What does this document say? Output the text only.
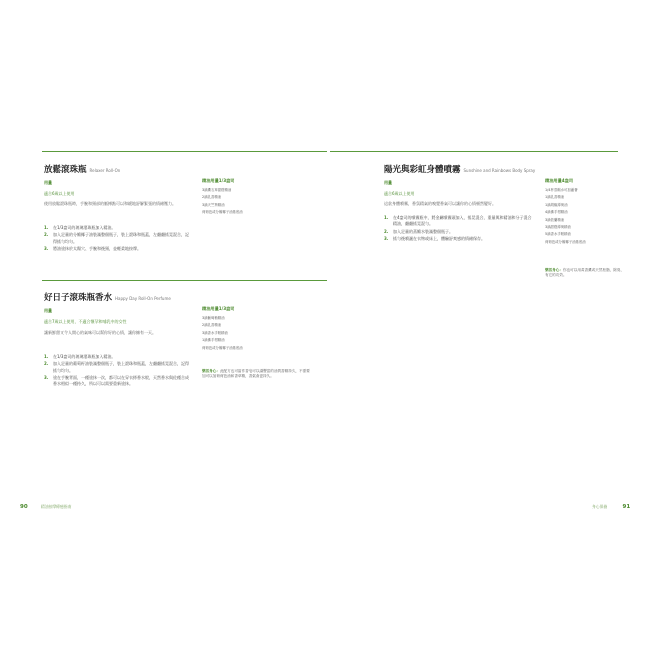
放鬆滾珠瓶 Relaxer Roll-On
用量
適合6歲以上使用
使用放鬆滾珠瓶時，手腕和頸部的脈搏點可以和緩地舒解緊張的情緒壓力。
1. 在1/3盎司的玻璃滾珠瓶加入精油。
2. 加入足量的分餾椰子油裝滿整個瓶子，裝上滾珠和瓶蓋，左翻翻搖晃混合，記得搖勻均匀。
3. 將油塗抹於太陽穴、手腕和後頸，並輕柔地按摩。
精油用量1/3盎司
3滴薰衣草甜橙精油
2滴乳香精油
3滴天竺葵精油
荷荷芭或分餾椰子油基底油
好日子滾珠瓶香水 Happy Day Roll-On Perfume
用量
適合7歲以上使用，不適合懷孕和哺乳中的女性
讓新鮮甜又令人開心的氣味可以幫你好的心情，讓你擁有一天。
1. 在1/3盎司的玻璃滾珠瓶加入精油。
2. 加入足量的葡萄籽油裝滿整個瓶子，裝上滾珠和瓶蓋，左翻翻搖晃混合，記得搖勻均匀。
3. 塗在手腕背面，一種塗抹一次，都可以在穿衣搽香水般，天然香水與佐種合成香水相似一種持久，所以可以需要重新塗抹。
精油用量1/3盎司
3滴葡萄柚精油
2滴乳香精油
3滴香水手帕精油
1滴佛手柑精油
荷荷芭或分餾椰子油基底油
樂活身心：此配方也可當作香皂可以讓豐富的油質香精持久，不需要加可以加荷荷芭油和香草精，香氣會更持久。
90	精油按摩療癒指南
陽光與彩虹身體噴霧 Sunshine and Rainbows Body Spray
用量
適合6歲以上使用
這款身體噴霧，香氛精氣的嗅覺香氣可以讓你的心情頓然變好。
1. 在4盎司的噴霧瓶中，將金屬噴霧頭加入，搖晃混合，重量與和精油和分子混合精油，翻翻搖晃混勻。
2. 加入足量的蒸餾水裝滿整個瓶子。
3. 搖勻後噴灑在衣物或床上，體驗舒爽感的情緒保存。
精油用量4盎司
1/4杯蒸餾水可加蘆薈
1滴乳香精油
1滴胡椒薄荷油
4滴佛手柑精油
3滴依蘭精油
3滴甜橙薄荷精油
5滴香水手帕精油
荷荷芭或分餾椰子油基底油
樂活身心：你也可以用黃香薰或天然松脂，除臭、有它的功效。
身心保養	91
